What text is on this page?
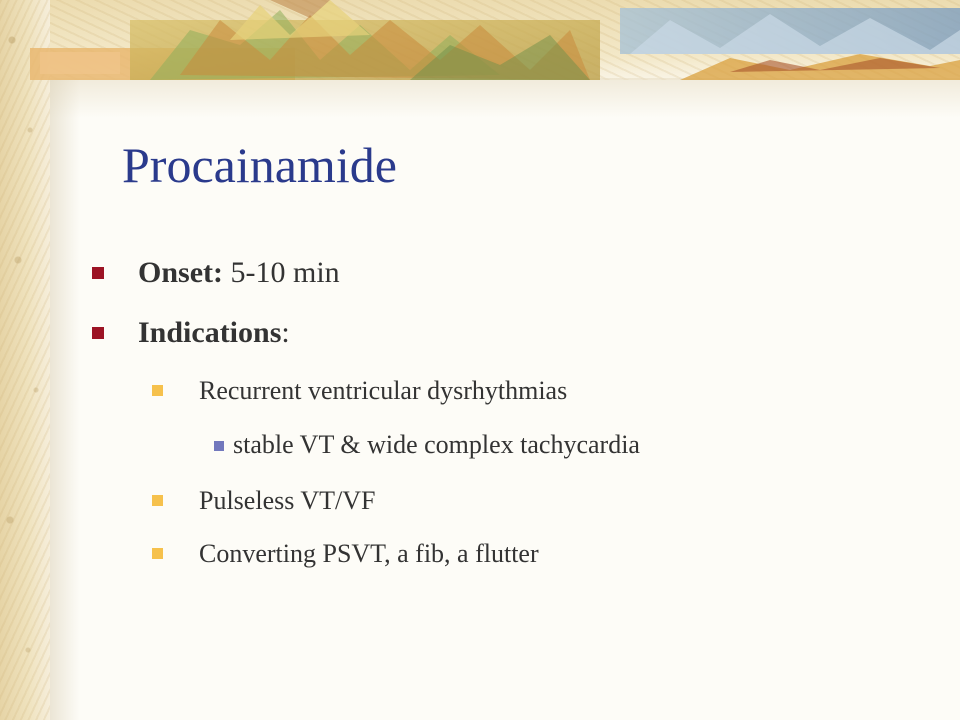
Procainamide
Onset: 5-10 min
Indications:
Recurrent ventricular dysrhythmias
stable VT & wide complex tachycardia
Pulseless VT/VF
Converting PSVT, a fib, a flutter
